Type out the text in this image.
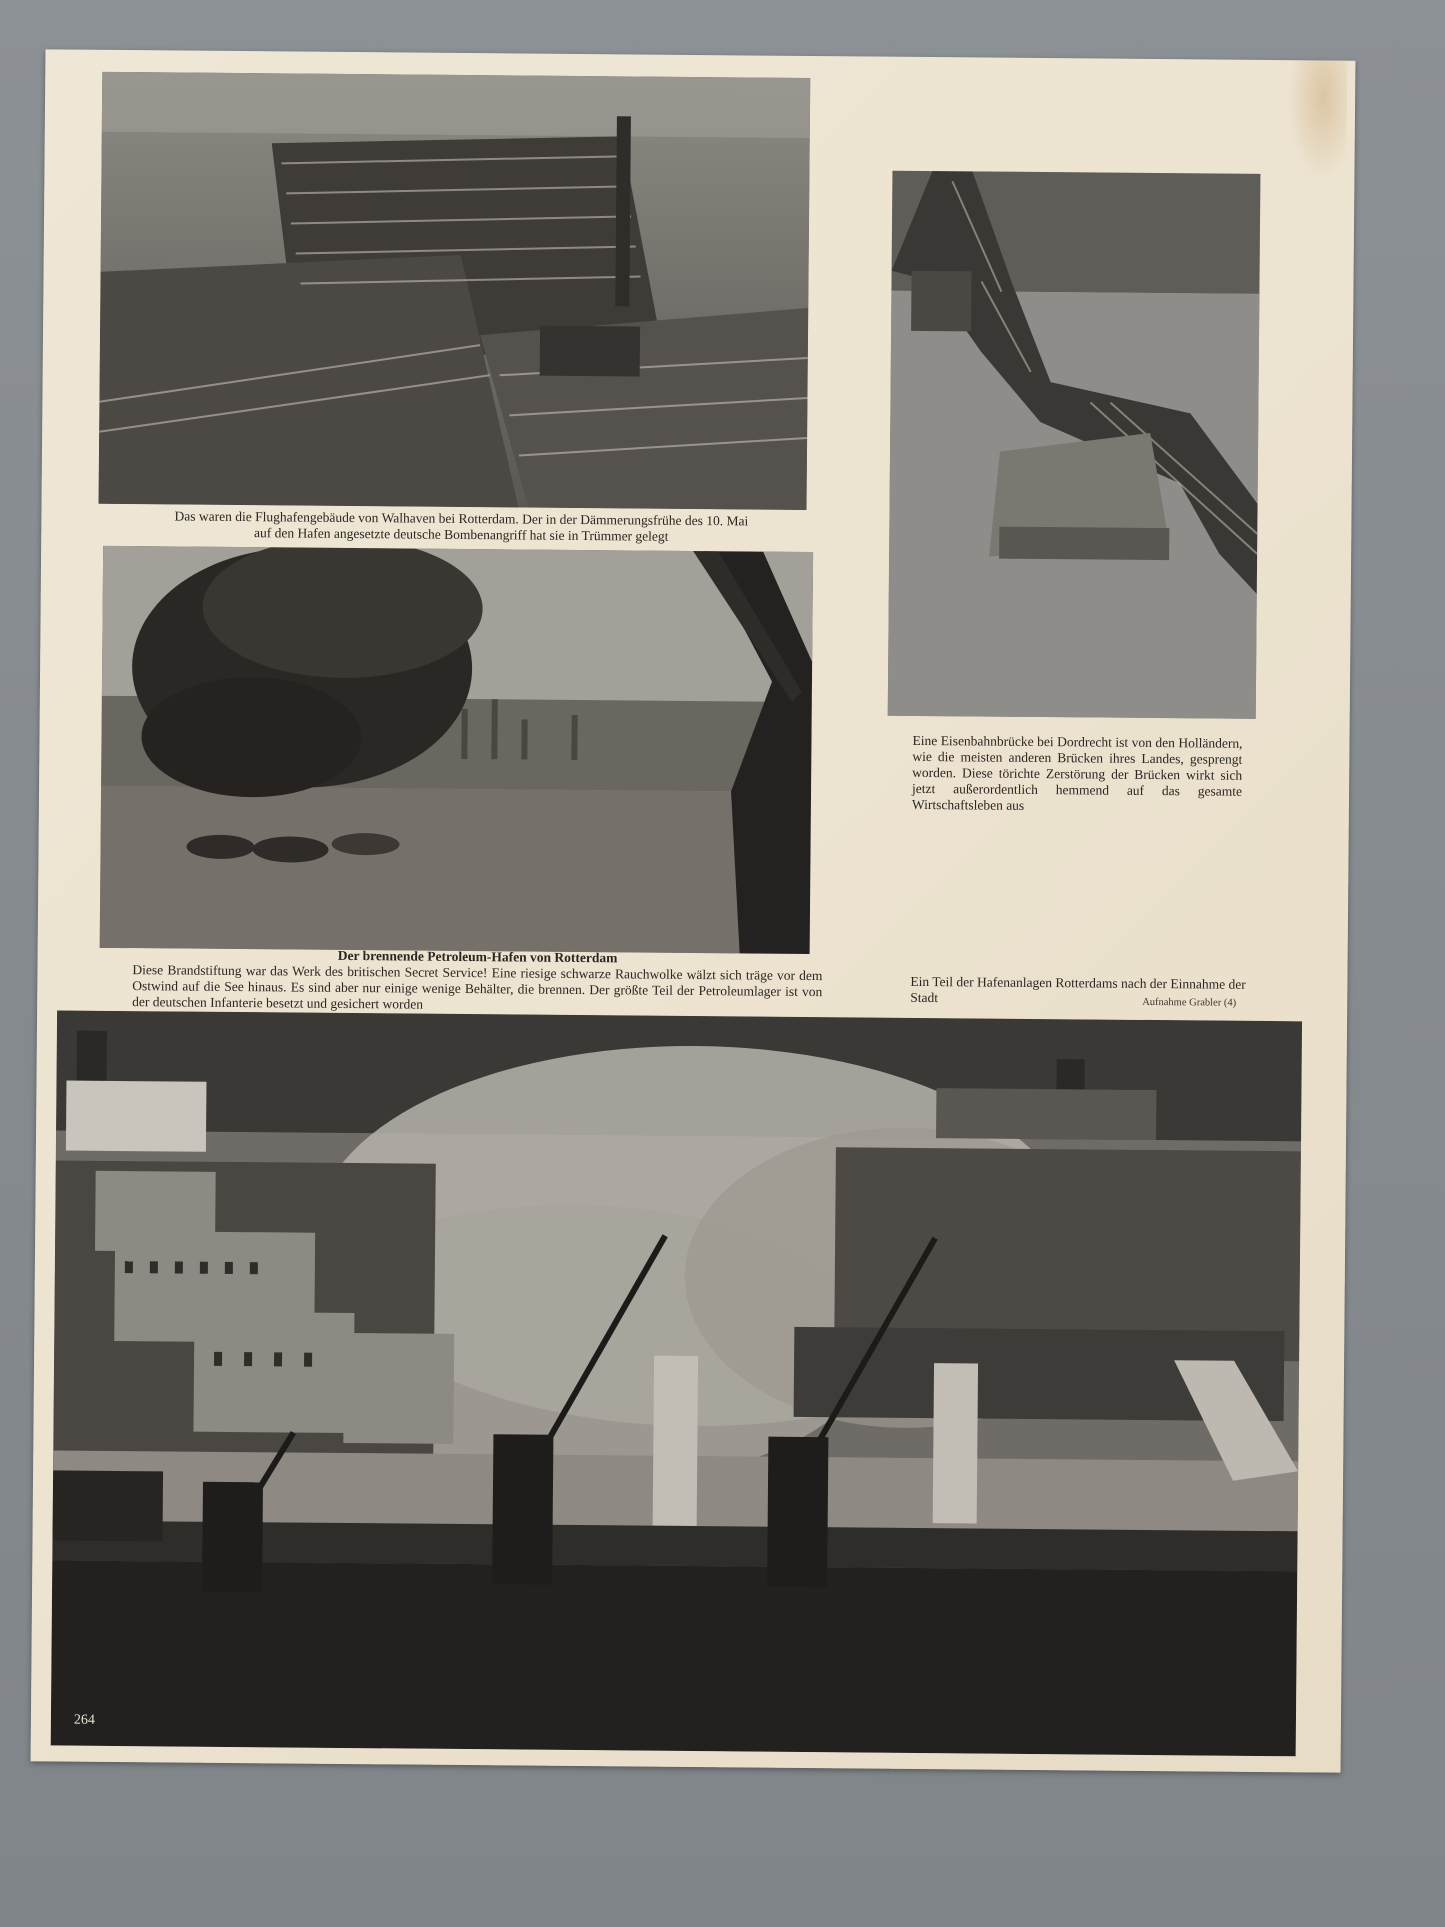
Das waren die Flughafengebäude von Walhaven bei Rotterdam. Der in der Dämmerungsfrühe des 10. Mai auf den Hafen angesetzte deutsche Bombenangriff hat sie in Trümmer gelegt
Eine Eisenbahnbrücke bei Dordrecht ist von den Holländern, wie die meisten anderen Brücken ihres Landes, gesprengt worden. Diese törichte Zerstörung der Brücken wirkt sich jetzt außerordentlich hemmend auf das gesamte Wirtschaftsleben aus
Der brennende Petroleum-Hafen von Rotterdam
Diese Brandstiftung war das Werk des britischen Secret Service! Eine riesige schwarze Rauchwolke wälzt sich träge vor dem Ostwind auf die See hinaus. Es sind aber nur einige wenige Behälter, die brennen. Der größte Teil der Petroleumlager ist von der deutschen Infanterie besetzt und gesichert worden
Ein Teil der Hafenanlagen Rotterdams nach der Einnahme der Stadt	Aufnahme Grabler (4)
264
